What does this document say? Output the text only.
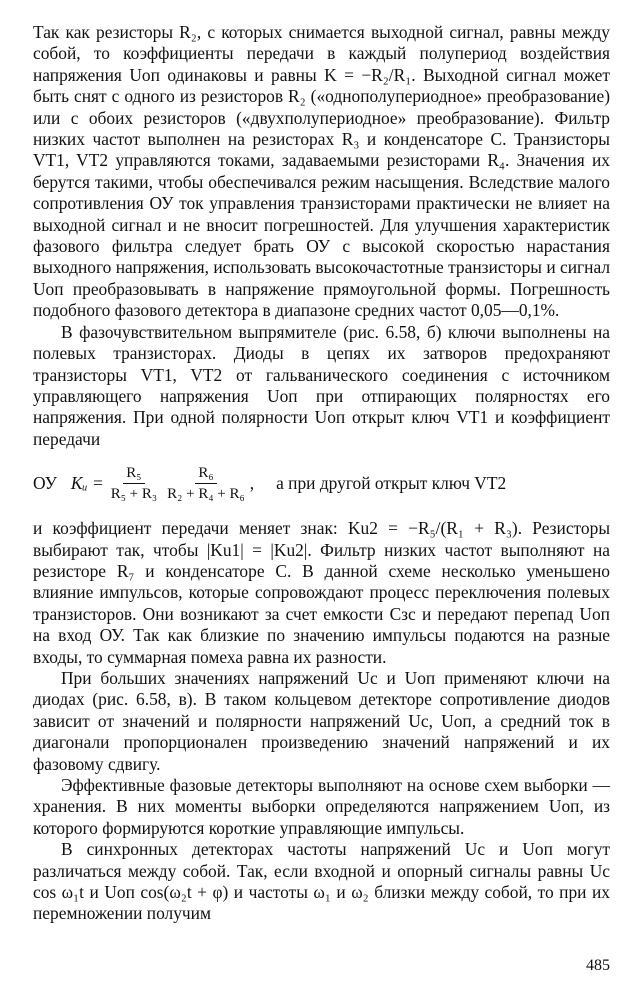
Так как резисторы R₂, с которых снимается выходной сигнал, равны между собой, то коэффициенты передачи в каждый полупериод воздействия напряжения Uоп одинаковы и равны K = −R₂/R₁. Выходной сигнал может быть снят с одного из резисторов R₂ («однополупериодное» преобразование) или с обоих резисторов («двухполупериодное» преобразование). Фильтр низких частот выполнен на резисторах R₃ и конденсаторе C. Транзисторы VT1, VT2 управляются токами, задаваемыми резисторами R₄. Значения их берутся такими, чтобы обеспечивался режим насыщения. Вследствие малого сопротивления ОУ ток управления транзисторами практически не влияет на выходной сигнал и не вносит погрешностей. Для улучшения характеристик фазового фильтра следует брать ОУ с высокой скоростью нарастания выходного напряжения, использовать высокочастотные транзисторы и сигнал Uоп преобразовывать в напряжение прямоугольной формы. Погрешность подобного фазового детектора в диапазоне средних частот 0,05—0,1%.

В фазочувствительном выпрямителе (рис. 6.58, б) ключи выполнены на полевых транзисторах. Диоды в цепях их затворов предохраняют транзисторы VT1, VT2 от гальванического соединения с источником управляющего напряжения Uоп при отпирающих полярностях его напряжения. При одной полярности Uоп открыт ключ VT1 и коэффициент передачи

ОУ Kᵤ = $\frac{\text{R₅}}{\text{R₅ + R₃}} \frac{\text{R₆}}{\text{R₂ + R₄ + R₆}}$ , а при другой открыт ключ VT2

и коэффициент передачи меняет знак: Ku2 = −R₅/(R₁ + R₃). Резисторы выбирают так, чтобы |Ku1| = |Ku2|. Фильтр низких частот выполняют на резисторе R₇ и конденсаторе C. В данной схеме несколько уменьшено влияние импульсов, которые сопровождают процесс переключения полевых транзисторов. Они возникают за счет емкости Cзс и передают перепад Uоп на вход ОУ. Так как близкие по значению импульсы подаются на разные входы, то суммарная помеха равна их разности.

При больших значениях напряжений Uс и Uоп применяют ключи на диодах (рис. 6.58, в). В таком кольцевом детекторе сопротивление диодов зависит от значений и полярности напряжений Uс, Uоп, а средний ток в диагонали пропорционален произведению значений напряжений и их фазовому сдвигу.

Эффективные фазовые детекторы выполняют на основе схем выборки — хранения. В них моменты выборки определяются напряжением Uоп, из которого формируются короткие управляющие импульсы.

В синхронных детекторах частоты напряжений Uс и Uоп могут различаться между собой. Так, если входной и опорный сигналы равны Uс cos ω₁t и Uоп cos(ω₂t + φ) и частоты ω₁ и ω₂ близки между собой, то при их перемножении получим

485
